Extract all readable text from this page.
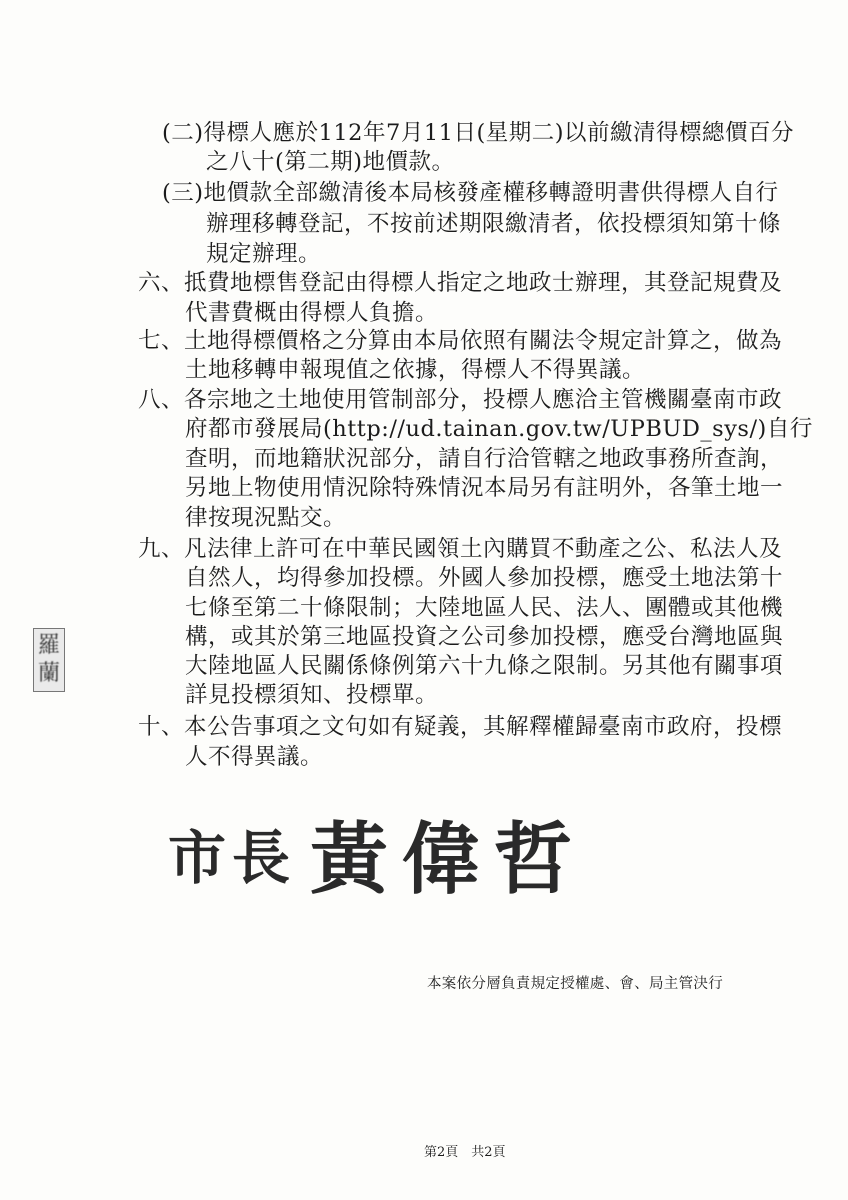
(二)得標人應於112年7月11日(星期二)以前繳清得標總價百分
之八十(第二期)地價款。
(三)地價款全部繳清後本局核發產權移轉證明書供得標人自行
辦理移轉登記，不按前述期限繳清者，依投標須知第十條
規定辦理。
六、抵費地標售登記由得標人指定之地政士辦理，其登記規費及
代書費概由得標人負擔。
七、土地得標價格之分算由本局依照有關法令規定計算之，做為
土地移轉申報現值之依據，得標人不得異議。
八、各宗地之土地使用管制部分，投標人應洽主管機關臺南市政
府都市發展局(http://ud.tainan.gov.tw/UPBUD_sys/)自行
查明，而地籍狀況部分，請自行洽管轄之地政事務所查詢，
另地上物使用情況除特殊情況本局另有註明外，各筆土地一
律按現況點交。
九、凡法律上許可在中華民國領土內購買不動產之公、私法人及
自然人，均得參加投標。外國人參加投標，應受土地法第十
七條至第二十條限制；大陸地區人民、法人、團體或其他機
構，或其於第三地區投資之公司參加投標，應受台灣地區與
大陸地區人民關係條例第六十九條之限制。另其他有關事項
詳見投標須知、投標單。
十、本公告事項之文句如有疑義，其解釋權歸臺南市政府，投標
人不得異議。
羅
蘭
市長 黃偉哲
本案依分層負責規定授權處、會、局主管決行
第2頁　共2頁
